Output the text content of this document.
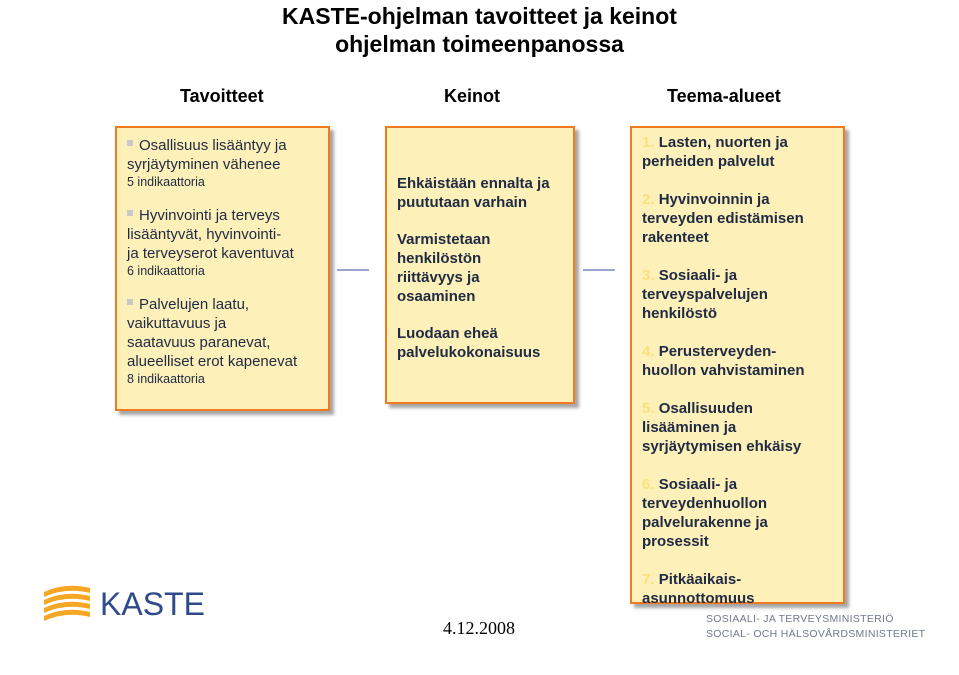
KASTE-ohjelman tavoitteet ja keinot
ohjelman toimeenpanossa
Tavoitteet	Keinot	Teema-alueet
Osallisuus lisääntyy ja
syrjäytyminen vähenee
5 indikaattoria
Hyvinvointi ja terveys
lisääntyvät, hyvinvointi-
ja terveyserot kaventuvat
6 indikaattoria
Palvelujen laatu,
vaikuttavuus ja
saatavuus paranevat,
alueelliset erot kapenevat
8 indikaattoria
Ehkäistään ennalta ja
puututaan varhain
Varmistetaan
henkilöstön
riittävyys ja
osaaminen
Luodaan eheä
palvelukokonaisuus
1. Lasten, nuorten ja
perheiden palvelut
2. Hyvinvoinnin ja
terveyden edistämisen
rakenteet
3. Sosiaali- ja
terveyspalvelujen
henkilöstö
4. Perusterveyden-
huollon vahvistaminen
5. Osallisuuden
lisääminen ja
syrjäytymisen ehkäisy
6. Sosiaali- ja
terveydenhuollon
palvelurakenne ja
prosessit
7. Pitkäaikais-
asunnottomuus
KASTE
4.12.2008	SOSIAALI- JA TERVEYSMINISTERIÖ
SOCIAL- OCH HÄLSOVÅRDSMINISTERIET
